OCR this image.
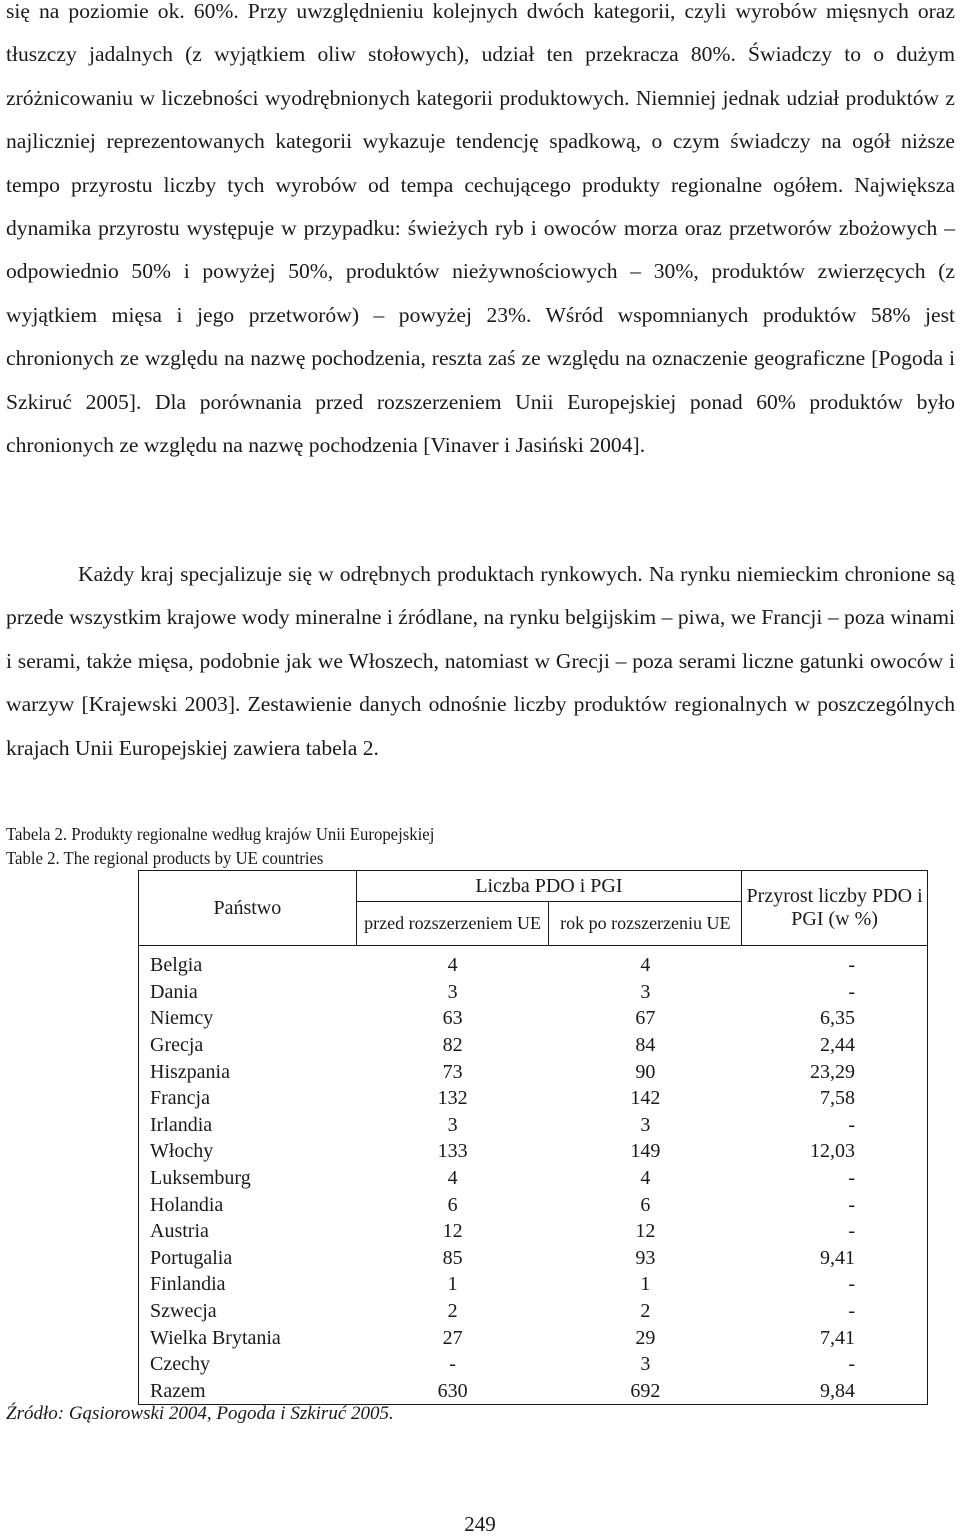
się na poziomie ok. 60%. Przy uwzględnieniu kolejnych dwóch kategorii, czyli wyrobów mięsnych oraz tłuszczy jadalnych (z wyjątkiem oliw stołowych), udział ten przekracza 80%. Świadczy to o dużym zróżnicowaniu w liczebności wyodrębnionych kategorii produktowych. Niemniej jednak udział produktów z najliczniej reprezentowanych kategorii wykazuje tendencję spadkową, o czym świadczy na ogół niższe tempo przyrostu liczby tych wyrobów od tempa cechującego produkty regionalne ogółem. Największa dynamika przyrostu występuje w przypadku: świeżych ryb i owoców morza oraz przetworów zbożowych – odpowiednio 50% i powyżej 50%, produktów nieżywnościowych – 30%, produktów zwierzęcych (z wyjątkiem mięsa i jego przetworów) – powyżej 23%. Wśród wspomnianych produktów 58% jest chronionych ze względu na nazwę pochodzenia, reszta zaś ze względu na oznaczenie geograficzne [Pogoda i Szkiruć 2005]. Dla porównania przed rozszerzeniem Unii Europejskiej ponad 60% produktów było chronionych ze względu na nazwę pochodzenia [Vinaver i Jasiński 2004].

Każdy kraj specjalizuje się w odrębnych produktach rynkowych. Na rynku niemieckim chronione są przede wszystkim krajowe wody mineralne i źródlane, na rynku belgijskim – piwa, we Francji – poza winami i serami, także mięsa, podobnie jak we Włoszech, natomiast w Grecji – poza serami liczne gatunki owoców i warzyw [Krajewski 2003]. Zestawienie danych odnośnie liczby produktów regionalnych w poszczególnych krajach Unii Europejskiej zawiera tabela 2.

Tabela 2. Produkty regionalne według krajów Unii Europejskiej

Table 2. The regional products by UE countries

Państwo	Liczba PDO i PGI		Przyrost liczby PDO i PGI (w %)
	przed rozszerzeniem UE	rok po rozszerzeniu UE	
Belgia	4	4	-
Dania	3	3	-
Niemcy	63	67	6,35
Grecja	82	84	2,44
Hiszpania	73	90	23,29
Francja	132	142	7,58
Irlandia	3	3	-
Włochy	133	149	12,03
Luksemburg	4	4	-
Holandia	6	6	-
Austria	12	12	-
Portugalia	85	93	9,41
Finlandia	1	1	-
Szwecja	2	2	-
Wielka Brytania	27	29	7,41
Czechy	-	3	-
Razem	630	692	9,84

Źródło: Gąsiorowski 2004, Pogoda i Szkiruć 2005.

249
